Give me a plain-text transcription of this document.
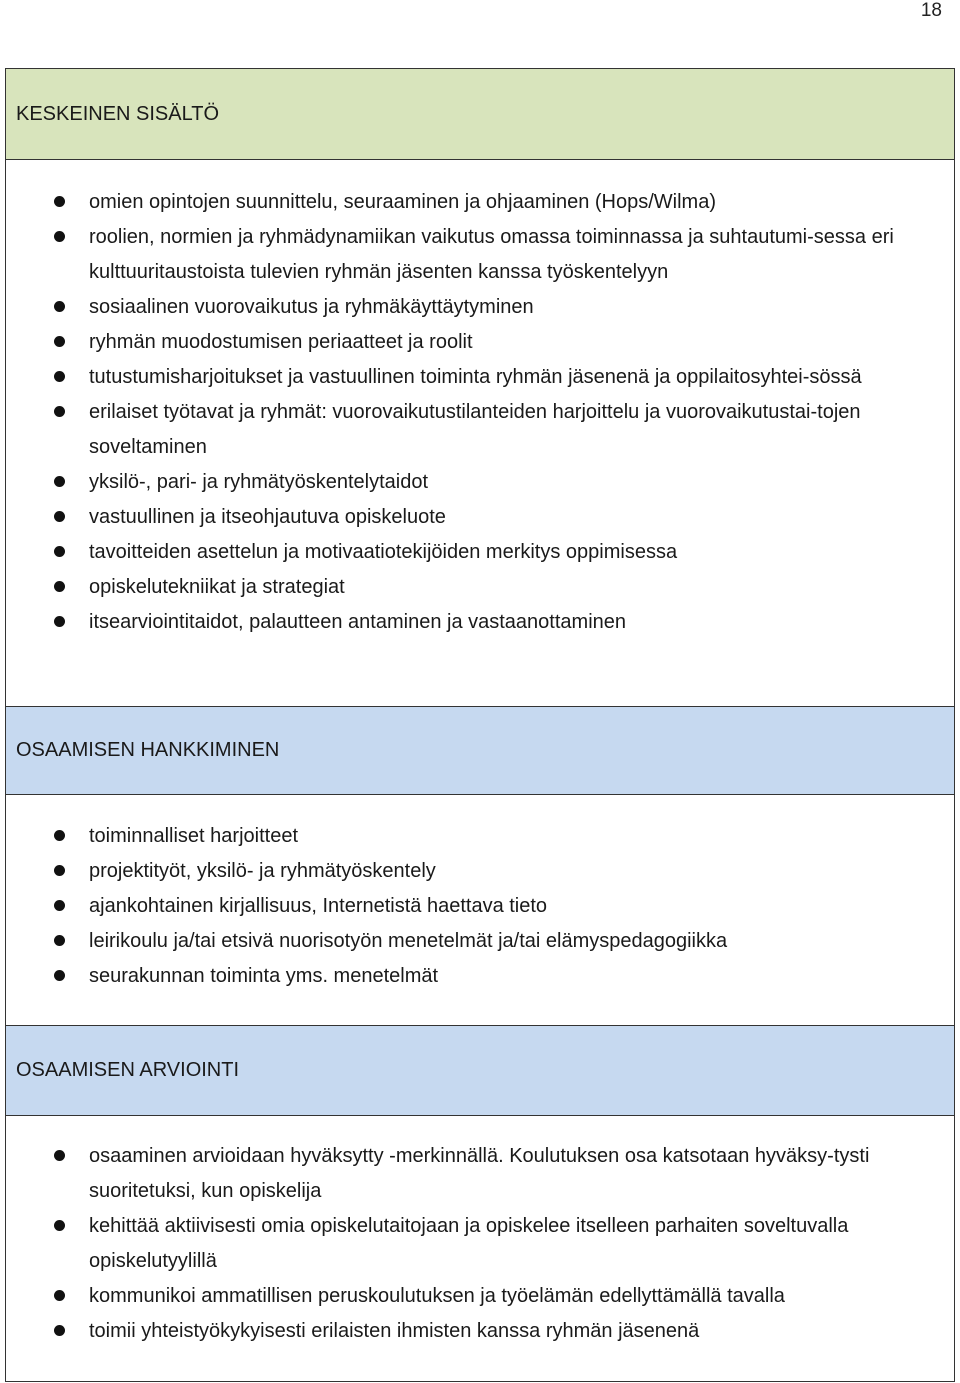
18
KESKEINEN SISÄLTÖ
omien opintojen suunnittelu, seuraaminen ja ohjaaminen (Hops/Wilma)
roolien, normien ja ryhmädynamiikan vaikutus omassa toiminnassa ja suhtautumi-sessa eri kulttuuritaustoista tulevien ryhmän jäsenten kanssa työskentelyyn
sosiaalinen vuorovaikutus ja ryhmäkäyttäytyminen
ryhmän muodostumisen periaatteet ja roolit
tutustumisharjoitukset ja vastuullinen toiminta ryhmän jäsenenä ja oppilaitosyhtei-sössä
erilaiset työtavat ja ryhmät: vuorovaikutustilanteiden harjoittelu ja vuorovaikutustai-tojen soveltaminen
yksilö-, pari- ja ryhmätyöskentelytaidot
vastuullinen ja itseohjautuva opiskeluote
tavoitteiden asettelun ja motivaatiotekijöiden merkitys oppimisessa
opiskelutekniikat ja strategiat
itsearviointitaidot, palautteen antaminen ja vastaanottaminen
OSAAMISEN HANKKIMINEN
toiminnalliset harjoitteet
projektityöt, yksilö- ja ryhmätyöskentely
ajankohtainen kirjallisuus, Internetistä haettava tieto
leirikoulu ja/tai etsivä nuorisotyön menetelmät ja/tai elämyspedagogiikka
seurakunnan toiminta yms. menetelmät
OSAAMISEN ARVIOINTI
osaaminen arvioidaan hyväksytty -merkinnällä. Koulutuksen osa katsotaan hyväksy-tysti suoritetuksi, kun opiskelija
kehittää aktiivisesti omia opiskelutaitojaan ja opiskelee itselleen parhaiten soveltuvalla opiskelutyylillä
kommunikoi ammatillisen peruskoulutuksen ja työelämän edellyttämällä tavalla
toimii yhteistyökykyisesti erilaisten ihmisten kanssa ryhmän jäsenenä
